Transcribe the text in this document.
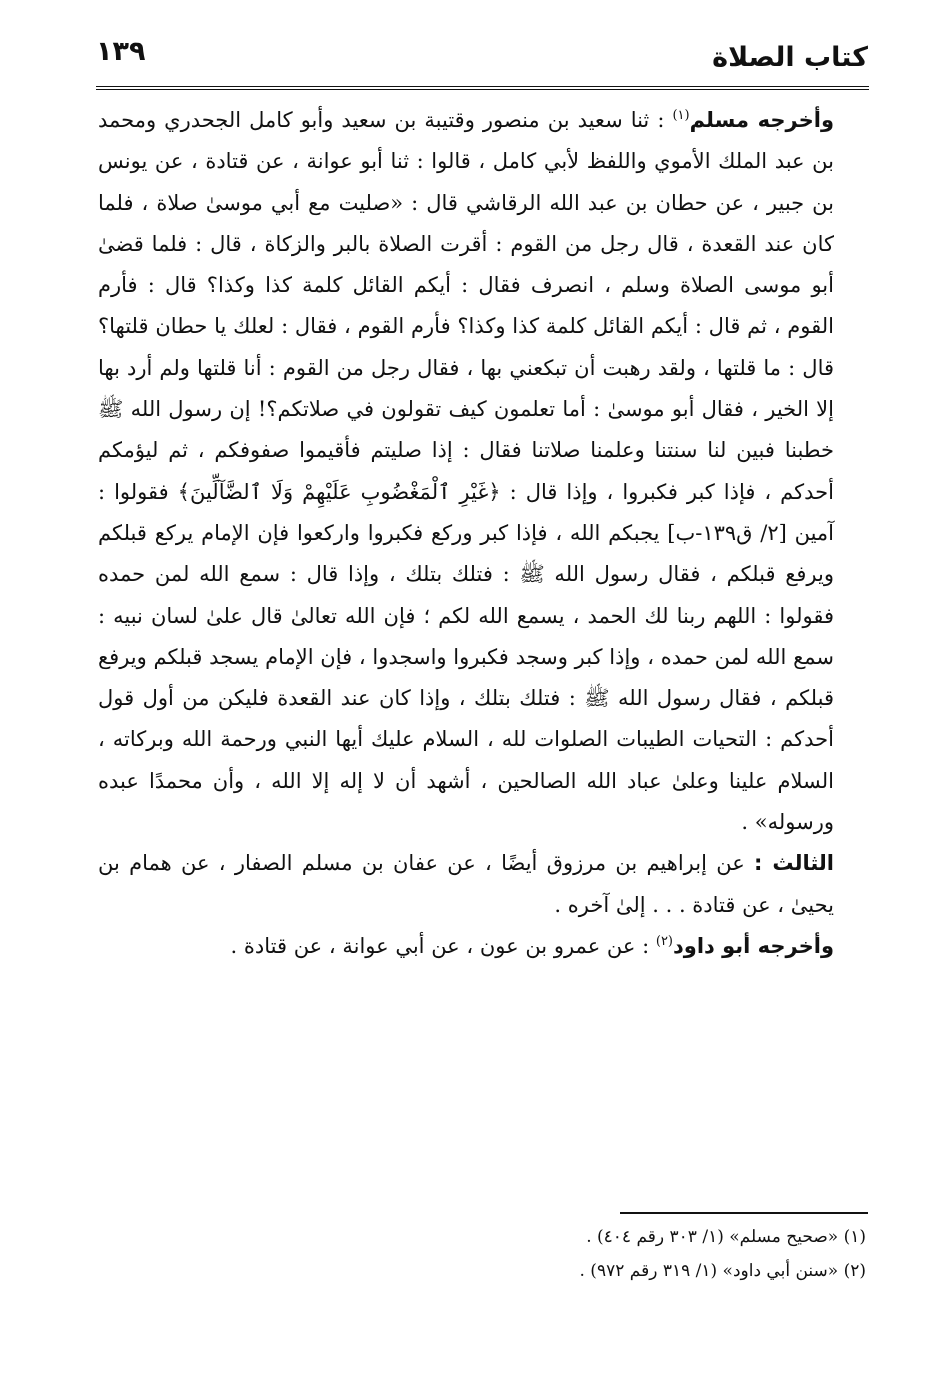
كتاب الصلاة
١٣٩

وأخرجه مسلم$^{(١)}$ : ثنا سعيد بن منصور وقتيبة بن سعيد وأبو كامل الجحدري ومحمد بن عبد الملك الأموي واللفظ لأبي كامل ، قالوا : ثنا أبو عوانة ، عن قتادة ، عن يونس بن جبير ، عن حطان بن عبد الله الرقاشي قال : «صليت مع أبي موسىٰ صلاة ، فلما كان عند القعدة ، قال رجل من القوم : أقرت الصلاة بالبر والزكاة ، قال : فلما قضىٰ أبو موسى الصلاة وسلم ، انصرف فقال : أيكم القائل كلمة كذا وكذا؟ قال : فأرم القوم ، ثم قال : أيكم القائل كلمة كذا وكذا؟ فأرم القوم ، فقال : لعلك يا حطان قلتها؟ قال : ما قلتها ، ولقد رهبت أن تبكعني بها ، فقال رجل من القوم : أنا قلتها ولم أرد بها إلا الخير ، فقال أبو موسىٰ : أما تعلمون كيف تقولون في صلاتكم؟! إن رسول الله ﷺ خطبنا فبين لنا سنتنا وعلمنا صلاتنا فقال : إذا صليتم فأقيموا صفوفكم ، ثم ليؤمكم أحدكم ، فإذا كبر فكبروا ، وإذا قال : ﴿غَيْرِ ٱلْمَغْضُوبِ عَلَيْهِمْ وَلَا ٱلضَّآلِّينَ﴾ فقولوا : آمين [٢/ ق١٣٩-ب] يجبكم الله ، فإذا كبر وركع فكبروا واركعوا فإن الإمام يركع قبلكم ويرفع قبلكم ، فقال رسول الله ﷺ : فتلك بتلك ، وإذا قال : سمع الله لمن حمده فقولوا : اللهم ربنا لك الحمد ، يسمع الله لكم ؛ فإن الله تعالىٰ قال علىٰ لسان نبيه : سمع الله لمن حمده ، وإذا كبر وسجد فكبروا واسجدوا ، فإن الإمام يسجد قبلكم ويرفع قبلكم ، فقال رسول الله ﷺ : فتلك بتلك ، وإذا كان عند القعدة فليكن من أول قول أحدكم : التحيات الطيبات الصلوات لله ، السلام عليك أيها النبي ورحمة الله وبركاته ، السلام علينا وعلىٰ عباد الله الصالحين ، أشهد أن لا إله إلا الله ، وأن محمدًا عبده ورسوله» .

الثالث : عن إبراهيم بن مرزوق أيضًا ، عن عفان بن مسلم الصفار ، عن همام بن يحيىٰ ، عن قتادة . . . إلىٰ آخره .

وأخرجه أبو داود$^{(٢)}$ : عن عمرو بن عون ، عن أبي عوانة ، عن قتادة .

(١) «صحيح مسلم» (١/ ٣٠٣ رقم ٤٠٤) .

(٢) «سنن أبي داود» (١/ ٣١٩ رقم ٩٧٢) .
